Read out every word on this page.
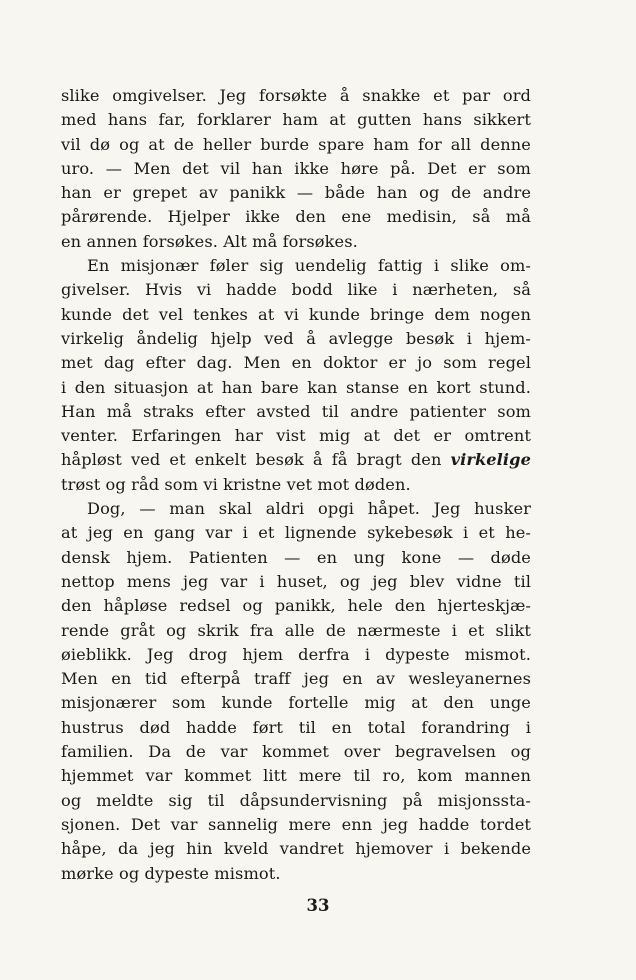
slike omgivelser. Jeg forsøkte å snakke et par ord
med hans far, forklarer ham at gutten hans sikkert
vil dø og at de heller burde spare ham for all denne
uro. — Men det vil han ikke høre på. Det er som
han er grepet av panikk — både han og de andre
pårørende. Hjelper ikke den ene medisin, så må
en annen forsøkes. Alt må forsøkes.
En misjonær føler sig uendelig fattig i slike om-
givelser. Hvis vi hadde bodd like i nærheten, så
kunde det vel tenkes at vi kunde bringe dem nogen
virkelig åndelig hjelp ved å avlegge besøk i hjem-
met dag efter dag. Men en doktor er jo som regel
i den situasjon at han bare kan stanse en kort stund.
Han må straks efter avsted til andre patienter som
venter. Erfaringen har vist mig at det er omtrent
håpløst ved et enkelt besøk å få bragt den virkelige
trøst og råd som vi kristne vet mot døden.
Dog, — man skal aldri opgi håpet. Jeg husker
at jeg en gang var i et lignende sykebesøk i et he-
densk hjem. Patienten — en ung kone — døde
nettop mens jeg var i huset, og jeg blev vidne til
den håpløse redsel og panikk, hele den hjerteskjæ-
rende gråt og skrik fra alle de nærmeste i et slikt
øieblikk. Jeg drog hjem derfra i dypeste mismot.
Men en tid efterpå traff jeg en av wesleyanernes
misjonærer som kunde fortelle mig at den unge
hustrus død hadde ført til en total forandring i
familien. Da de var kommet over begravelsen og
hjemmet var kommet litt mere til ro, kom mannen
og meldte sig til dåpsundervisning på misjonssta-
sjonen. Det var sannelig mere enn jeg hadde tordet
håpe, da jeg hin kveld vandret hjemover i bekende
mørke og dypeste mismot.
33
